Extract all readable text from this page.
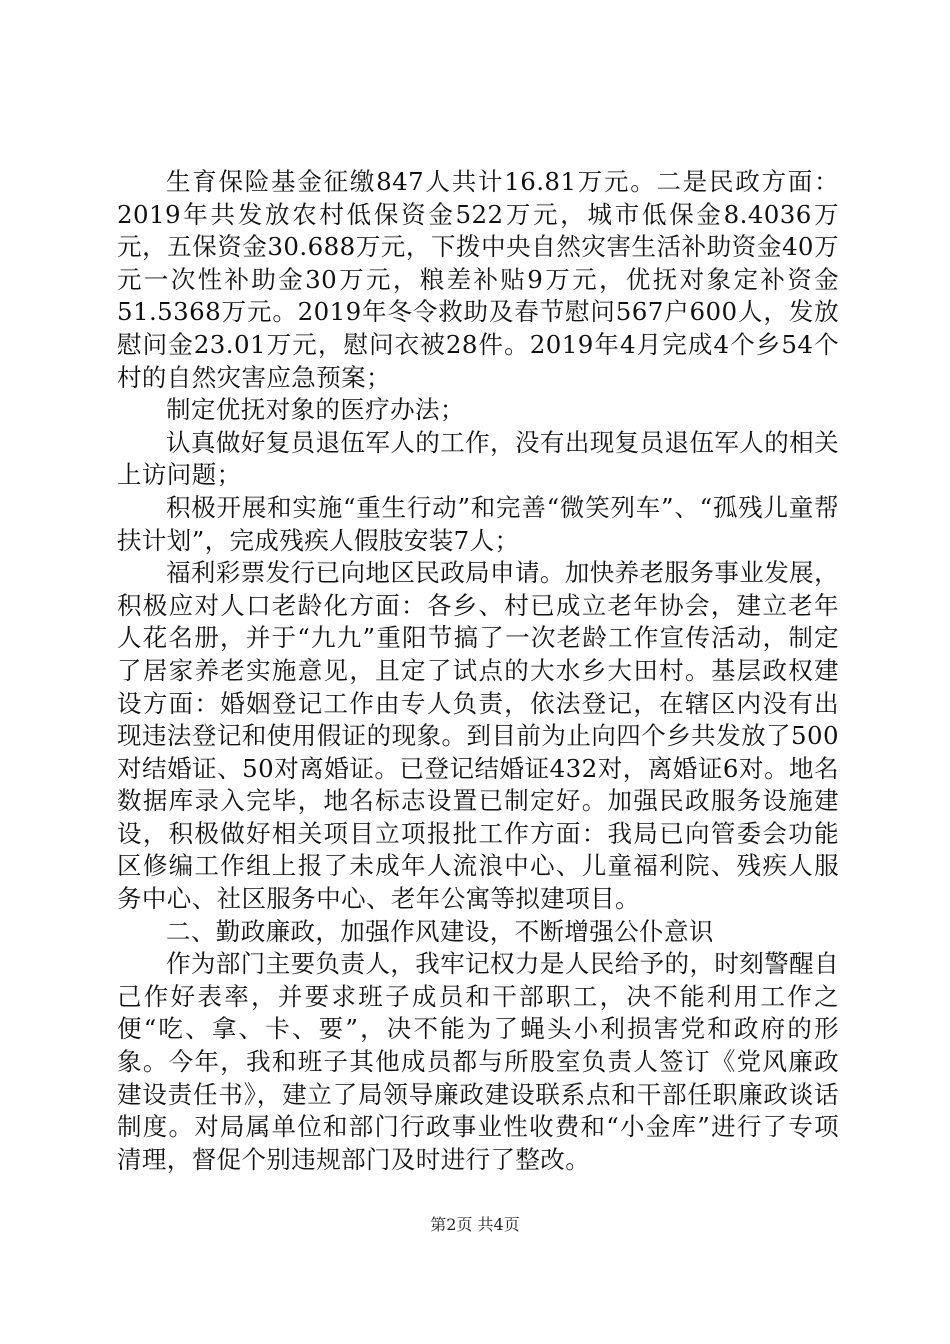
生育保险基金征缴847人共计16.81万元。二是民政方面：2019年共发放农村低保资金522万元，城市低保金8.4036万元，五保资金30.688万元，下拨中央自然灾害生活补助资金40万元一次性补助金30万元，粮差补贴9万元，优抚对象定补资金51.5368万元。2019年冬令救助及春节慰问567户600人，发放慰问金23.01万元，慰问衣被28件。2019年4月完成4个乡54个村的自然灾害应急预案；

制定优抚对象的医疗办法；

认真做好复员退伍军人的工作，没有出现复员退伍军人的相关上访问题；

积极开展和实施“重生行动”和完善“微笑列车”、“孤残儿童帮扶计划”，完成残疾人假肢安装7人；

福利彩票发行已向地区民政局申请。加快养老服务事业发展，积极应对人口老龄化方面：各乡、村已成立老年协会，建立老年人花名册，并于“九九”重阳节搞了一次老龄工作宣传活动，制定了居家养老实施意见，且定了试点的大水乡大田村。基层政权建设方面：婚姻登记工作由专人负责，依法登记，在辖区内没有出现违法登记和使用假证的现象。到目前为止向四个乡共发放了500对结婚证、50对离婚证。已登记结婚证432对，离婚证6对。地名数据库录入完毕，地名标志设置已制定好。加强民政服务设施建设，积极做好相关项目立项报批工作方面：我局已向管委会功能区修编工作组上报了未成年人流浪中心、儿童福利院、残疾人服务中心、社区服务中心、老年公寓等拟建项目。

二、勤政廉政，加强作风建设，不断增强公仆意识

作为部门主要负责人，我牢记权力是人民给予的，时刻警醒自己作好表率，并要求班子成员和干部职工，决不能利用工作之便“吃、拿、卡、要”，决不能为了蝇头小利损害党和政府的形象。今年，我和班子其他成员都与所股室负责人签订《党风廉政建设责任书》，建立了局领导廉政建设联系点和干部任职廉政谈话制度。对局属单位和部门行政事业性收费和“小金库”进行了专项清理，督促个别违规部门及时进行了整改。

第2页 共4页
